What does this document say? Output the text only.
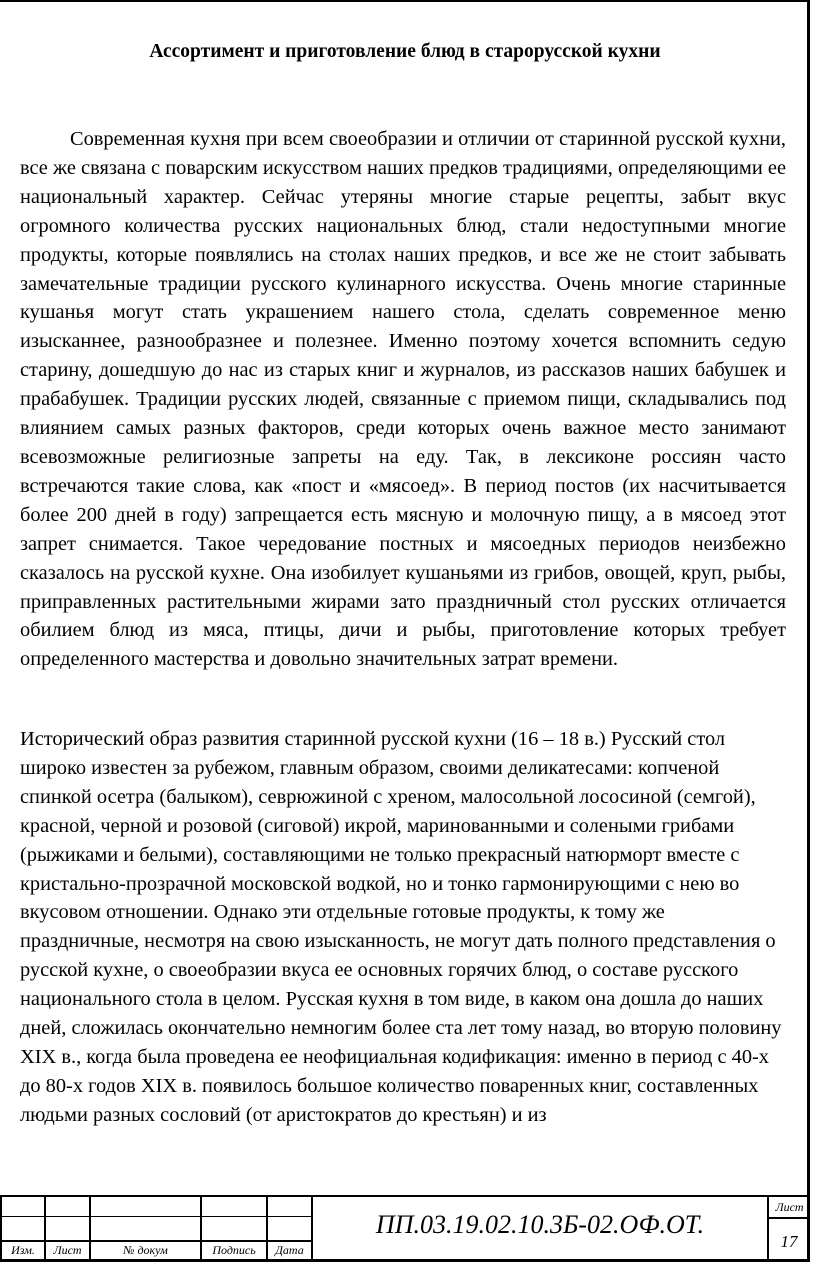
Ассортимент и приготовление блюд в старорусской кухни

Современная кухня при всем своеобразии и отличии от старинной русской кухни, все же связана с поварским искусством наших предков традициями, определяющими ее национальный характер. Сейчас утеряны многие старые рецепты, забыт вкус огромного количества русских национальных блюд, стали недоступными многие продукты, которые появлялись на столах наших предков, и все же не стоит забывать замечательные традиции русского кулинарного искусства. Очень многие старинные кушанья могут стать украшением нашего стола, сделать современное меню изысканнее, разнообразнее и полезнее. Именно поэтому хочется вспомнить седую старину, дошедшую до нас из старых книг и журналов, из рассказов наших бабушек и прабабушек. Традиции русских людей, связанные с приемом пищи, складывались под влиянием самых разных факторов, среди которых очень важное место занимают всевозможные религиозные запреты на еду. Так, в лексиконе россиян часто встречаются такие слова, как «пост и «мясоед». В период постов (их насчитывается более 200 дней в году) запрещается есть мясную и молочную пищу, а в мясоед этот запрет снимается. Такое чередование постных и мясоедных периодов неизбежно сказалось на русской кухне. Она изобилует кушаньями из грибов, овощей, круп, рыбы, приправленных растительными жирами зато праздничный стол русских отличается обилием блюд из мяса, птицы, дичи и рыбы, приготовление которых требует определенного мастерства и довольно значительных затрат времени.

Исторический образ развития старинной русской кухни (16 – 18 в.) Русский стол широко известен за рубежом, главным образом, своими деликатесами: копченой спинкой осетра (балыком), севрюжиной с хреном, малосольной лососиной (семгой), красной, черной и розовой (сиговой) икрой, маринованными и солеными грибами (рыжиками и белыми), составляющими не только прекрасный натюрморт вместе с кристально-прозрачной московской водкой, но и тонко гармонирующими с нею во вкусовом отношении. Однако эти отдельные готовые продукты, к тому же праздничные, несмотря на свою изысканность, не могут дать полного представления о русской кухне, о своеобразии вкуса ее основных горячих блюд, о составе русского национального стола в целом. Русская кухня в том виде, в каком она дошла до наших дней, сложилась окончательно немногим более ста лет тому назад, во вторую половину XIX в., когда была проведена ее неофициальная кодификация: именно в период с 40-х до 80-х годов XIX в. появилось большое количество поваренных книг, составленных людьми разных сословий (от аристократов до крестьян) и из

Изм.	Лист	№ докум	Подпись	Дата
ПП.03.19.02.10.3Б-02.ОФ.ОТ.
Лист
17
